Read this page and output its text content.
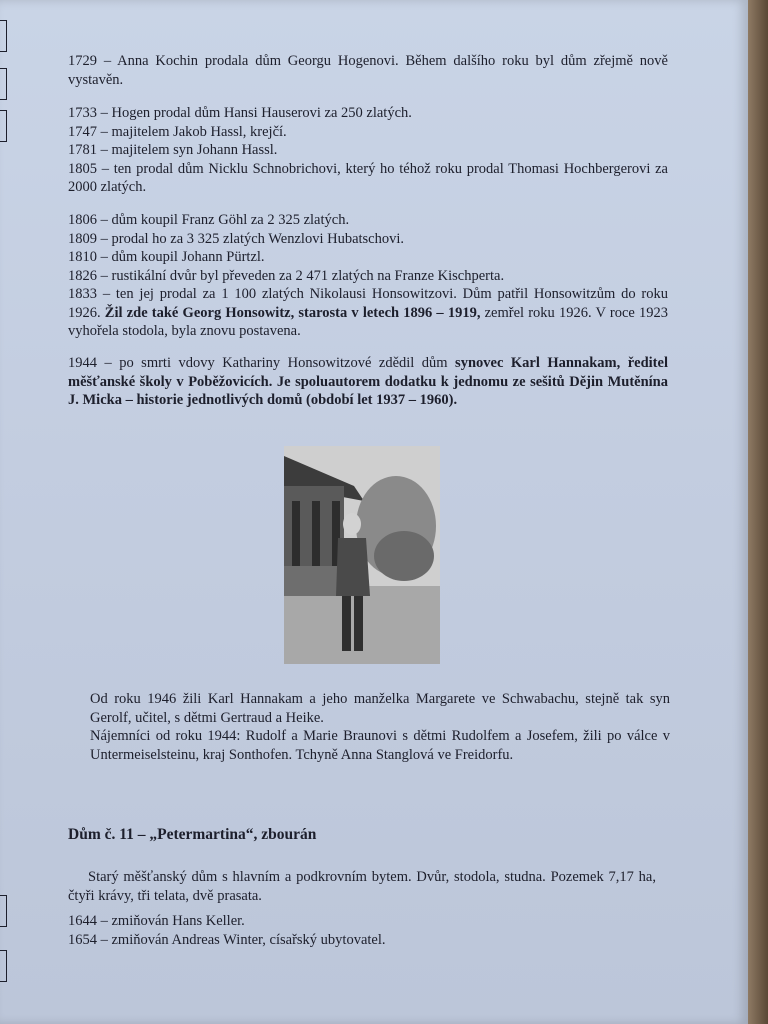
1729 – Anna Kochin prodala dům Georgu Hogenovi. Během dalšího roku byl dům zřejmě nově vystavěn.

1733 – Hogen prodal dům Hansi Hauserovi za 250 zlatých.

1747 – majitelem Jakob Hassl, krejčí.

1781 – majitelem syn Johann Hassl.

1805 – ten prodal dům Nicklu Schnobrichovi, který ho téhož roku prodal Thomasi Hochbergerovi za 2000 zlatých.

1806 – dům koupil Franz Göhl za 2 325 zlatých.

1809 – prodal ho za 3 325 zlatých Wenzlovi Hubatschovi.

1810 – dům koupil Johann Pürtzl.

1826 – rustikální dvůr byl převeden za 2 471 zlatých na Franze Kischperta.

1833 – ten jej prodal za 1 100 zlatých Nikolausi Honsowitzovi. Dům patřil Honsowitzům do roku 1926. Žil zde také Georg Honsowitz, starosta v letech 1896 – 1919, zemřel roku 1926. V roce 1923 vyhořela stodola, byla znovu postavena.

1944 – po smrti vdovy Kathariny Honsowitzové zdědil dům synovec Karl Hannakam, ředitel měšťanské školy v Poběžovicích. Je spoluautorem dodatku k jednomu ze sešitů Dějin Mutěnína J. Micka – historie jednotlivých domů (období let 1937 – 1960).

Od roku 1946 žili Karl Hannakam a jeho manželka Margarete ve Schwabachu, stejně tak syn Gerolf, učitel, s dětmi Gertraud a Heike.

Nájemníci od roku 1944: Rudolf a Marie Braunovi s dětmi Rudolfem a Josefem, žili po válce v Untermeiselsteinu, kraj Sonthofen. Tchyně Anna Stanglová ve Freidorfu.

Dům č. 11 – „Petermartina“, zbourán

Starý měšťanský dům s hlavním a podkrovním bytem. Dvůr, stodola, studna. Pozemek 7,17 ha, čtyři krávy, tři telata, dvě prasata.

1644 – zmiňován Hans Keller.

1654 – zmiňován Andreas Winter, císařský ubytovatel.
